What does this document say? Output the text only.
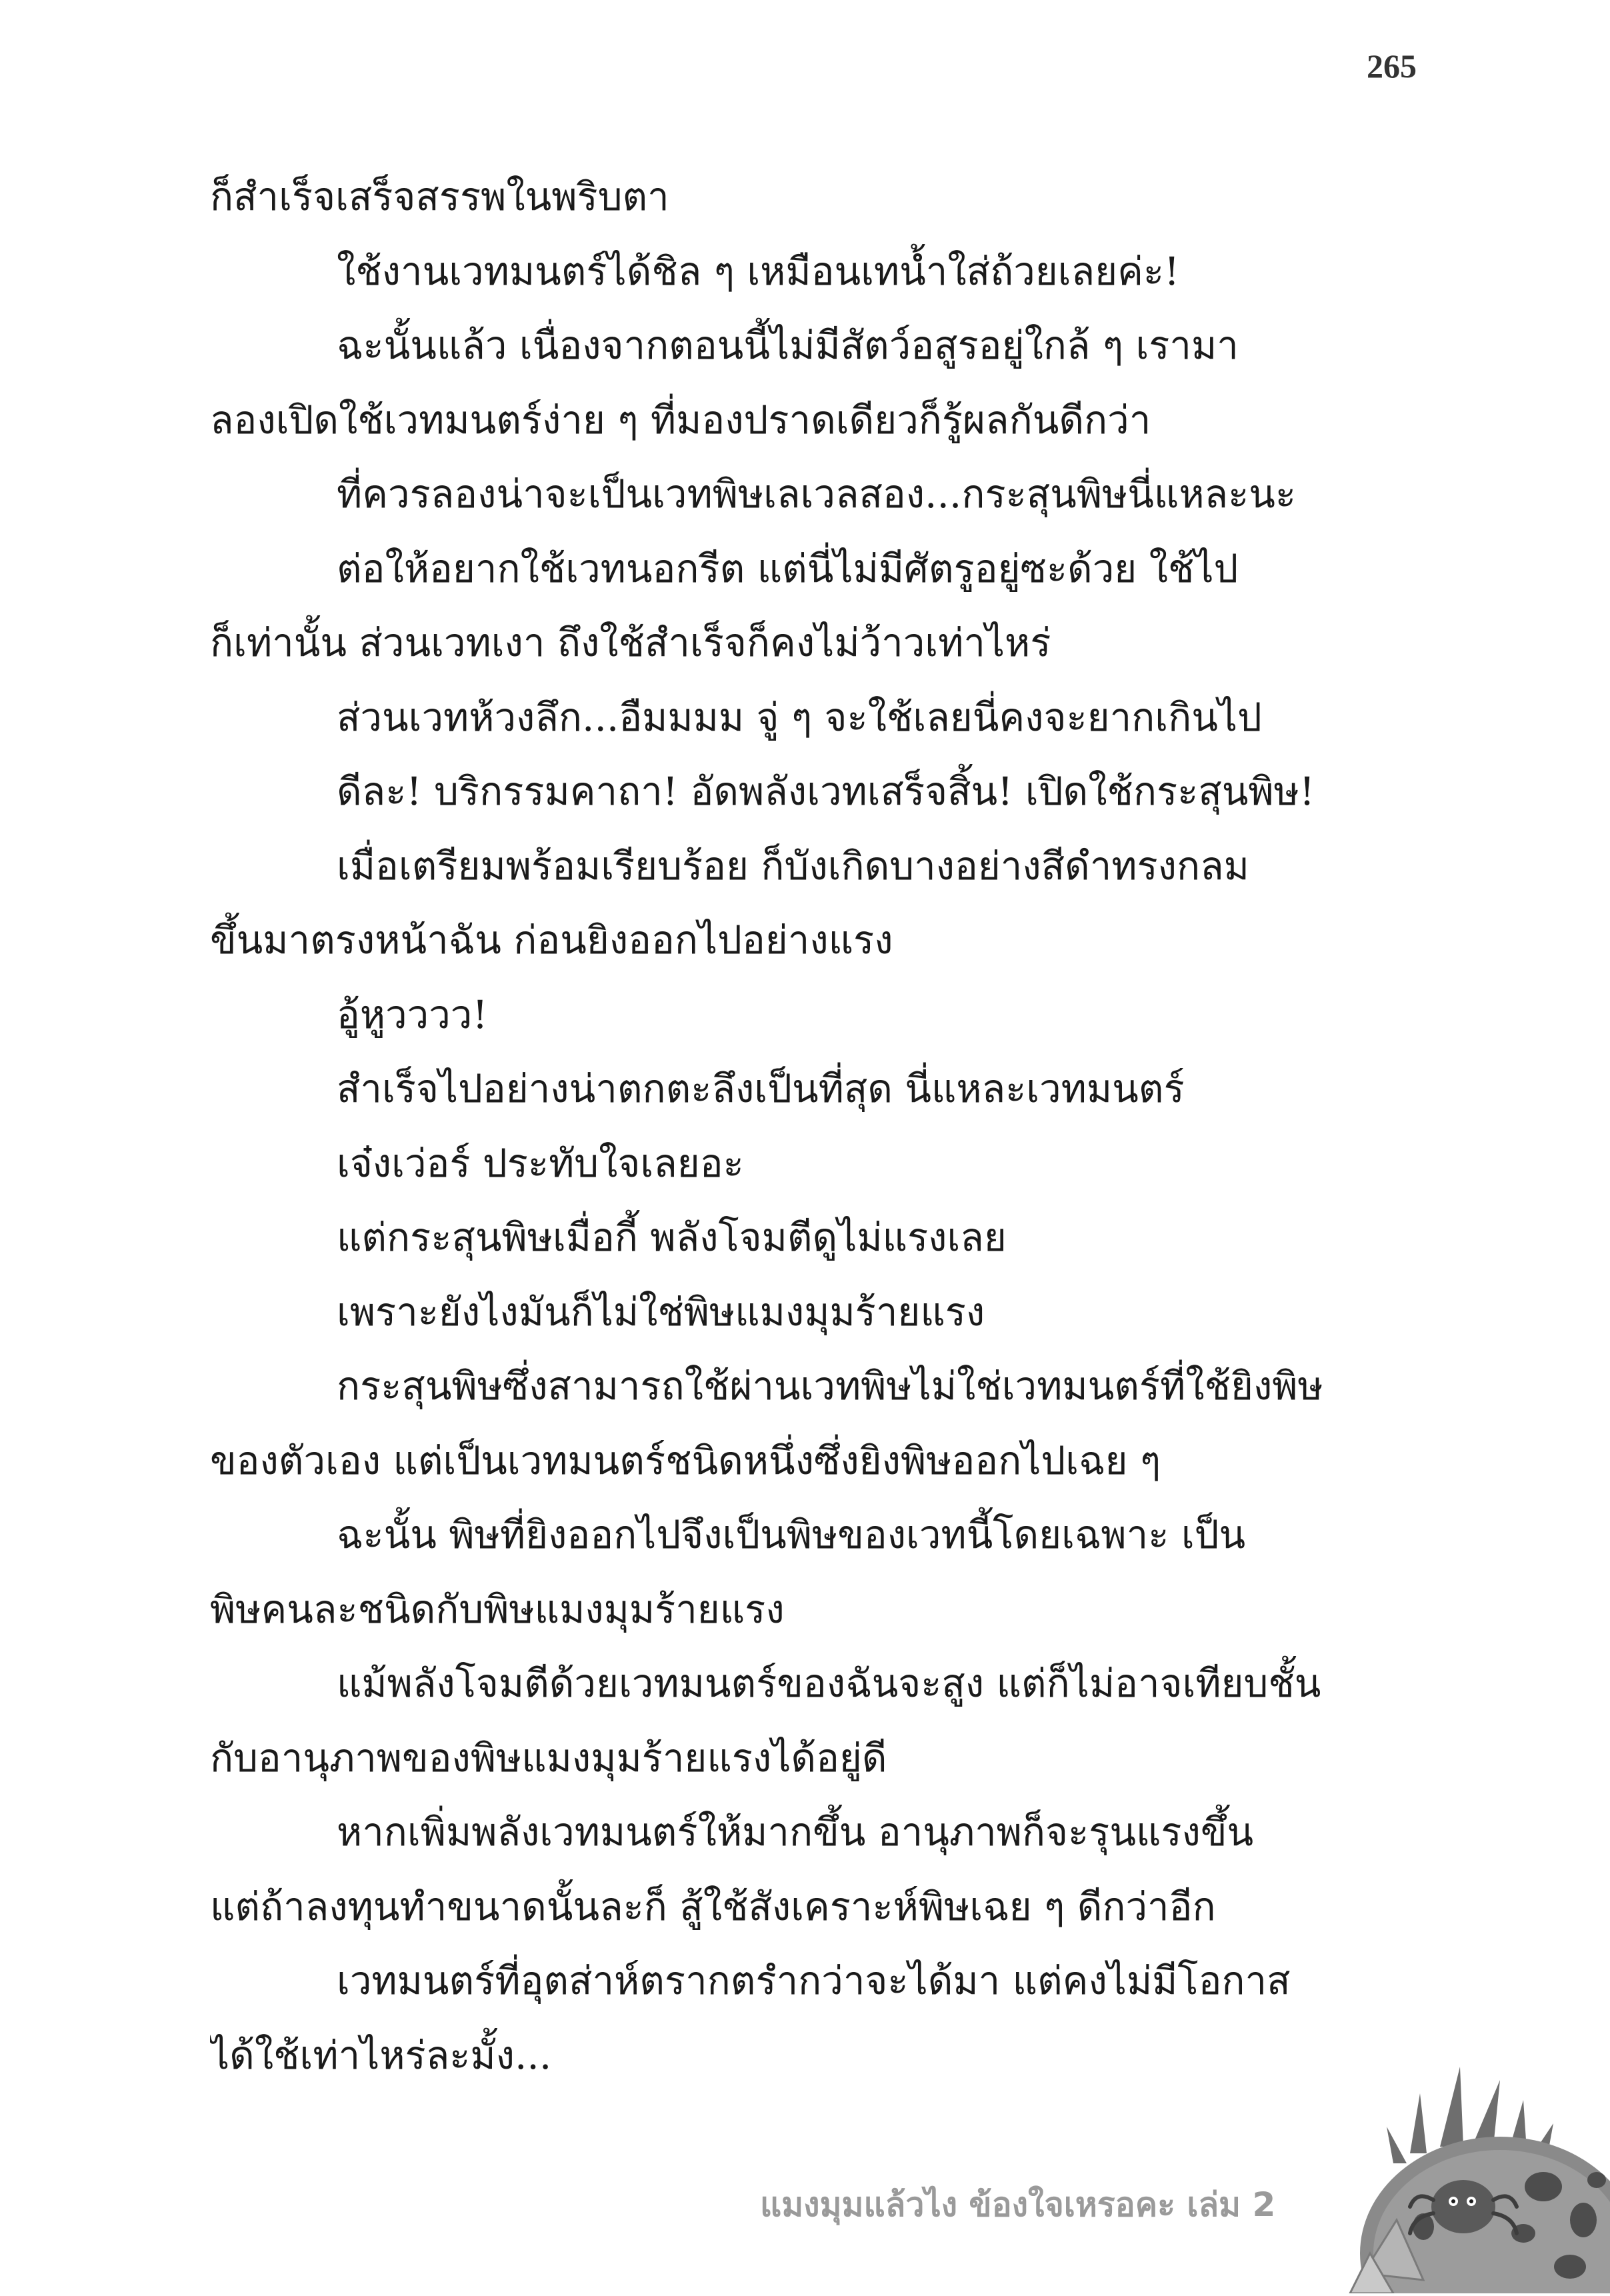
265
ก็สำเร็จเสร็จสรรพในพริบตา
ใช้งานเวทมนตร์ได้ชิล ๆ เหมือนเทน้ำใส่ถ้วยเลยค่ะ!
ฉะนั้นแล้ว เนื่องจากตอนนี้ไม่มีสัตว์อสูรอยู่ใกล้ ๆ เรามา
ลองเปิดใช้เวทมนตร์ง่าย ๆ ที่มองปราดเดียวก็รู้ผลกันดีกว่า
ที่ควรลองน่าจะเป็นเวทพิษเลเวลสอง...กระสุนพิษนี่แหละนะ
ต่อให้อยากใช้เวทนอกรีต แต่นี่ไม่มีศัตรูอยู่ซะด้วย ใช้ไป
ก็เท่านั้น ส่วนเวทเงา ถึงใช้สำเร็จก็คงไม่ว้าวเท่าไหร่
ส่วนเวทห้วงลึก...อืมมมม จู่ ๆ จะใช้เลยนี่คงจะยากเกินไป
ดีละ! บริกรรมคาถา! อัดพลังเวทเสร็จสิ้น! เปิดใช้กระสุนพิษ!
เมื่อเตรียมพร้อมเรียบร้อย ก็บังเกิดบางอย่างสีดำทรงกลม
ขึ้นมาตรงหน้าฉัน ก่อนยิงออกไปอย่างแรง
อู้หูวววว!
สำเร็จไปอย่างน่าตกตะลึงเป็นที่สุด นี่แหละเวทมนตร์
เจ๋งเว่อร์ ประทับใจเลยอะ
แต่กระสุนพิษเมื่อกี้ พลังโจมตีดูไม่แรงเลย
เพราะยังไงมันก็ไม่ใช่พิษแมงมุมร้ายแรง
กระสุนพิษซึ่งสามารถใช้ผ่านเวทพิษไม่ใช่เวทมนตร์ที่ใช้ยิงพิษ
ของตัวเอง แต่เป็นเวทมนตร์ชนิดหนึ่งซึ่งยิงพิษออกไปเฉย ๆ
ฉะนั้น พิษที่ยิงออกไปจึงเป็นพิษของเวทนี้โดยเฉพาะ เป็น
พิษคนละชนิดกับพิษแมงมุมร้ายแรง
แม้พลังโจมตีด้วยเวทมนตร์ของฉันจะสูง แต่ก็ไม่อาจเทียบชั้น
กับอานุภาพของพิษแมงมุมร้ายแรงได้อยู่ดี
หากเพิ่มพลังเวทมนตร์ให้มากขึ้น อานุภาพก็จะรุนแรงขึ้น
แต่ถ้าลงทุนทำขนาดนั้นละก็ สู้ใช้สังเคราะห์พิษเฉย ๆ ดีกว่าอีก
เวทมนตร์ที่อุตส่าห์ตรากตรำกว่าจะได้มา แต่คงไม่มีโอกาส
ได้ใช้เท่าไหร่ละมั้ง...
แมงมุมแล้วไง ข้องใจเหรอคะ เล่ม 2
